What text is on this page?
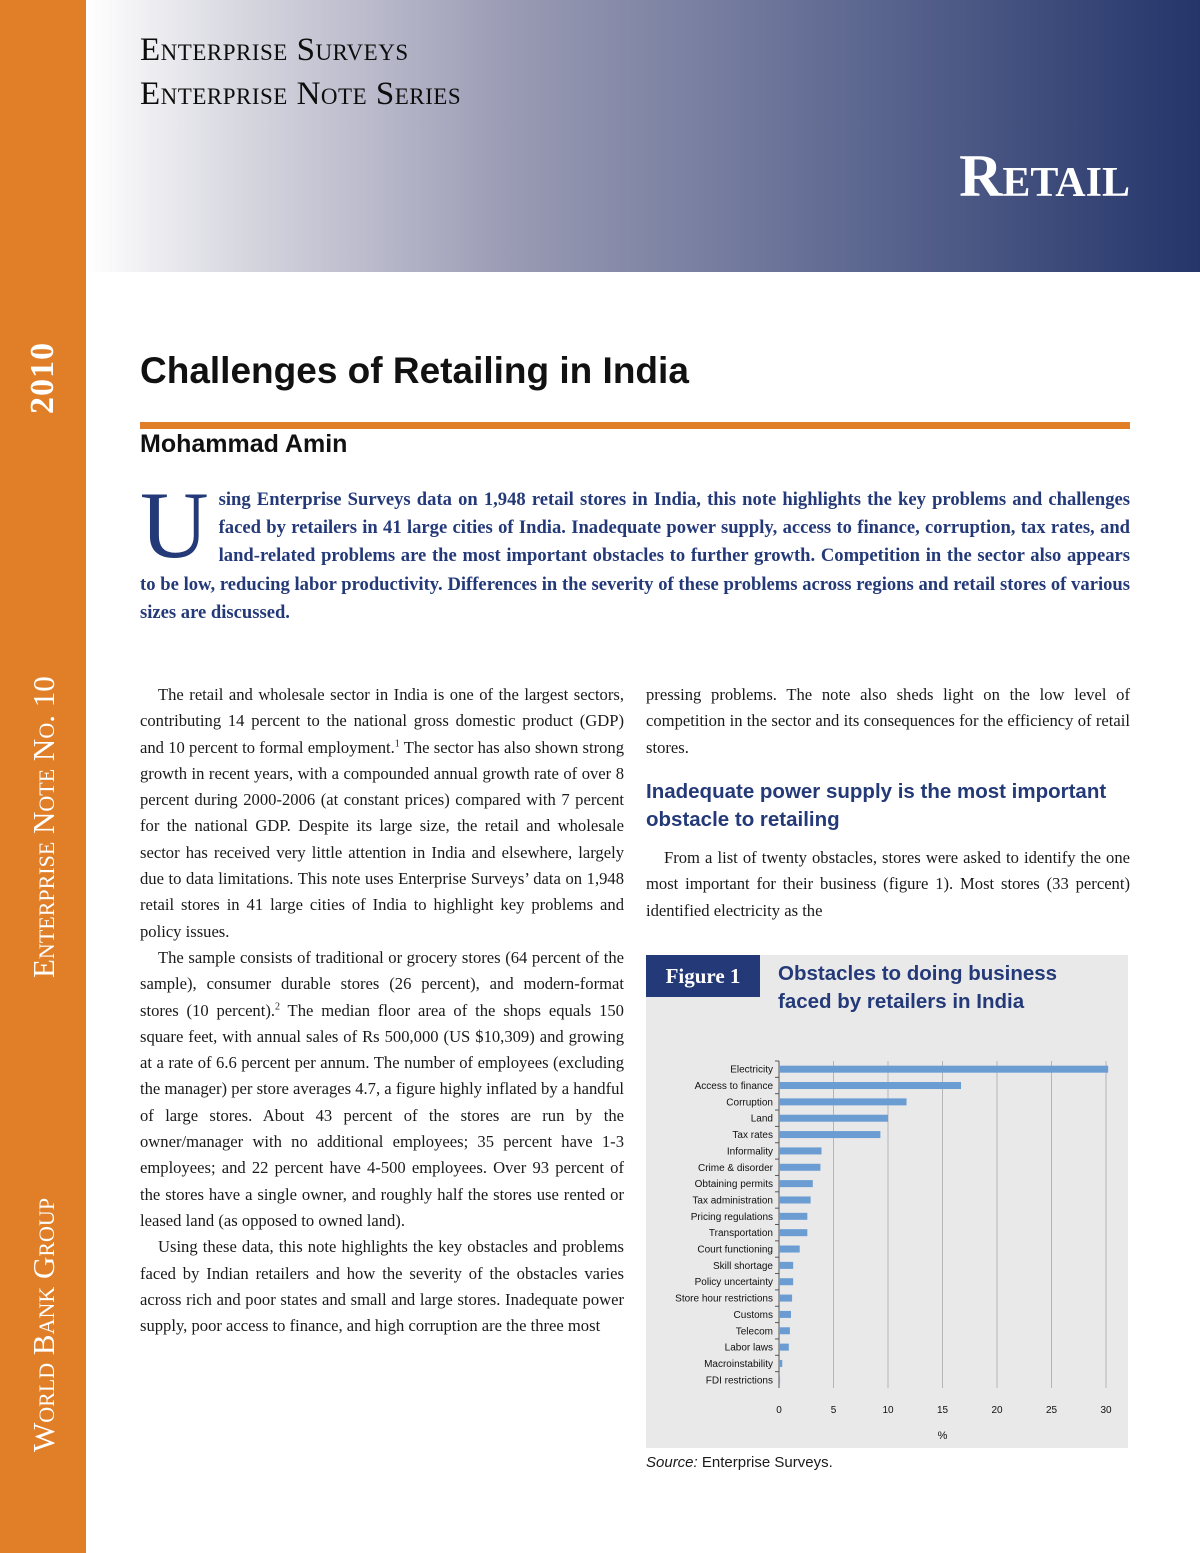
2010
Enterprise Note No. 10
World Bank Group
Enterprise Surveys
Enterprise Note Series
Retail
Challenges of Retailing in India
Mohammad Amin

Using Enterprise Surveys data on 1,948 retail stores in India, this note highlights the key problems and challenges faced by retailers in 41 large cities of India. Inadequate power supply, access to finance, corruption, tax rates, and land-related problems are the most important obstacles to further growth. Competition in the sector also appears to be low, reducing labor productivity. Differences in the severity of these problems across regions and retail stores of various sizes are discussed.

The retail and wholesale sector in India is one of the largest sectors, contributing 14 percent to the national gross domestic product (GDP) and 10 percent to formal employment.$^1$ The sector has also shown strong growth in recent years, with a compounded annual growth rate of over 8 percent during 2000-2006 (at constant prices) compared with 7 percent for the national GDP. Despite its large size, the retail and wholesale sector has received very little attention in India and elsewhere, largely due to data limitations. This note uses Enterprise Surveys’ data on 1,948 retail stores in 41 large cities of India to highlight key problems and policy issues.

The sample consists of traditional or grocery stores (64 percent of the sample), consumer durable stores (26 percent), and modern-format stores (10 percent).$^2$ The median floor area of the shops equals 150 square feet, with annual sales of Rs 500,000 (US $10,309) and growing at a rate of 6.6 percent per annum. The number of employees (excluding the manager) per store averages 4.7, a figure highly inflated by a handful of large stores. About 43 percent of the stores are run by the owner/manager with no additional employees; 35 percent have 1-3 employees; and 22 percent have 4-500 employees. Over 93 percent of the stores have a single owner, and roughly half the stores use rented or leased land (as opposed to owned land).

Using these data, this note highlights the key obstacles and problems faced by Indian retailers and how the severity of the obstacles varies across rich and poor states and small and large stores. Inadequate power supply, poor access to finance, and high corruption are the three most

pressing problems. The note also sheds light on the low level of competition in the sector and its consequences for the efficiency of retail stores.

Inadequate power supply is the most important obstacle to retailing

From a list of twenty obstacles, stores were asked to identify the one most important for their business (figure 1). Most stores (33 percent) identified electricity as the

Figure 1	Obstacles to doing business faced by retailers in India
Electricity
Access to finance
Corruption
Land
Tax rates
Informality
Crime & disorder
Obtaining permits
Tax administration
Pricing regulations
Transportation
Court functioning
Skill shortage
Policy uncertainty
Store hour restrictions
Customs
Telecom
Labor laws
Macroinstability
FDI restrictions
0	5	10	15	20	25	30
%
Source: Enterprise Surveys.
